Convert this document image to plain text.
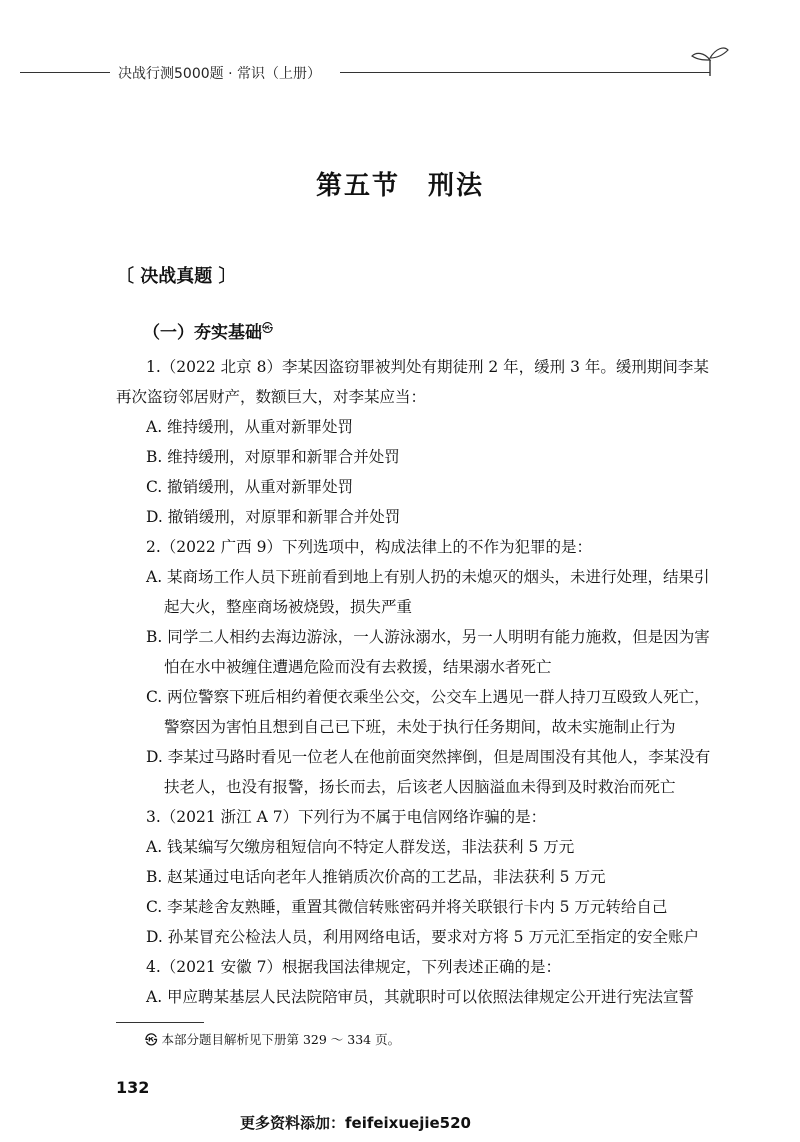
决战行测5000题 · 常识（上册）
第五节　刑法
〔 决战真题 〕
（一）夯实基础㉿

1.（2022 北京 8）李某因盗窃罪被判处有期徒刑 2 年，缓刑 3 年。缓刑期间李某再次盗窃邻居财产，数额巨大，对李某应当：

A. 维持缓刑，从重对新罪处罚

B. 维持缓刑，对原罪和新罪合并处罚

C. 撤销缓刑，从重对新罪处罚

D. 撤销缓刑，对原罪和新罪合并处罚

2.（2022 广西 9）下列选项中，构成法律上的不作为犯罪的是：

A. 某商场工作人员下班前看到地上有别人扔的未熄灭的烟头，未进行处理，结果引起大火，整座商场被烧毁，损失严重

B. 同学二人相约去海边游泳，一人游泳溺水，另一人明明有能力施救，但是因为害怕在水中被缠住遭遇危险而没有去救援，结果溺水者死亡

C. 两位警察下班后相约着便衣乘坐公交，公交车上遇见一群人持刀互殴致人死亡，警察因为害怕且想到自己已下班，未处于执行任务期间，故未实施制止行为

D. 李某过马路时看见一位老人在他前面突然摔倒，但是周围没有其他人，李某没有扶老人，也没有报警，扬长而去，后该老人因脑溢血未得到及时救治而死亡

3.（2021 浙江 A 7）下列行为不属于电信网络诈骗的是：

A. 钱某编写欠缴房租短信向不特定人群发送，非法获利 5 万元

B. 赵某通过电话向老年人推销质次价高的工艺品，非法获利 5 万元

C. 李某趁舍友熟睡，重置其微信转账密码并将关联银行卡内 5 万元转给自己

D. 孙某冒充公检法人员，利用网络电话，要求对方将 5 万元汇至指定的安全账户

4.（2021 安徽 7）根据我国法律规定，下列表述正确的是：

A. 甲应聘某基层人民法院陪审员，其就职时可以依照法律规定公开进行宪法宣誓

㉿ 本部分题目解析见下册第 329 ～ 334 页。
132
更多资料添加：feifeixuejie520
